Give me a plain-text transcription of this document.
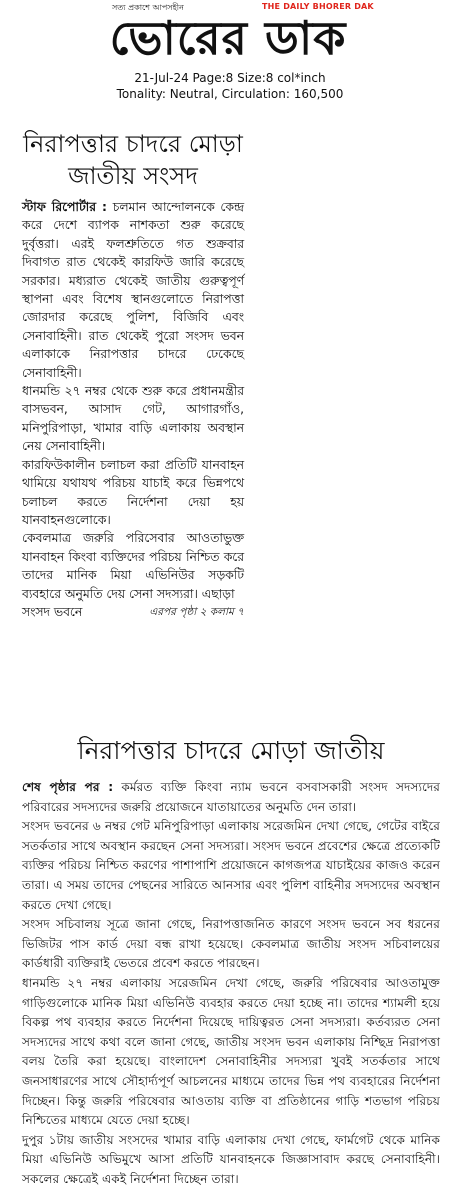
সত্য প্রকাশে আপসহীন	THE DAILY BHORER DAK
ভোরের ডাক
21-Jul-24 Page:8 Size:8 col*inch
Tonality: Neutral, Circulation: 160,500
নিরাপত্তার চাদরে মোড়া জাতীয় সংসদ

স্টাফ রিপোর্টার : চলমান আন্দোলনকে কেন্দ্র করে দেশে ব্যাপক নাশকতা শুরু করেছে দুর্বৃত্তরা। এরই ফলশ্রুতিতে গত শুক্রবার দিবাগত রাত থেকেই কারফিউ জারি করেছে সরকার। মধ্যরাত থেকেই জাতীয় গুরুত্বপূর্ণ স্থাপনা এবং বিশেষ স্থানগুলোতে নিরাপত্তা জোরদার করেছে পুলিশ, বিজিবি এবং সেনাবাহিনী। রাত থেকেই পুরো সংসদ ভবন এলাকাকে নিরাপত্তার চাদরে ঢেকেছে সেনাবাহিনী।

ধানমন্ডি ২৭ নম্বর থেকে শুরু করে প্রধানমন্ত্রীর বাসভবন, আসাদ গেট, আগারগাঁও, মনিপুরিপাড়া, খামার বাড়ি এলাকায় অবস্থান নেয় সেনাবাহিনী।

কারফিউকালীন চলাচল করা প্রতিটি যানবাহন থামিয়ে যথাযথ পরিচয় যাচাই করে ভিন্নপথে চলাচল করতে নির্দেশনা দেয়া হয় যানবাহনগুলোকে।

কেবলমাত্র জরুরি পরিসেবার আওতাভুক্ত যানবাহন কিংবা ব্যক্তিদের পরিচয় নিশ্চিত করে তাদের মানিক মিয়া এভিনিউর সড়কটি ব্যবহারে অনুমতি দেয় সেনা সদস্যরা। এছাড়া

সংসদ ভবনে	এরপর পৃষ্ঠা ২ কলাম ৭
নিরাপত্তার চাদরে মোড়া জাতীয়

শেষ পৃষ্ঠার পর : কর্মরত ব্যক্তি কিংবা ন্যাম ভবনে বসবাসকারী সংসদ সদস্যদের পরিবারের সদস্যদের জরুরি প্রয়োজনে যাতায়াতের অনুমতি দেন তারা।

সংসদ ভবনের ৬ নম্বর গেট মনিপুরিপাড়া এলাকায় সরেজমিন দেখা গেছে, গেটের বাইরে সতর্কতার সাথে অবস্থান করছেন সেনা সদস্যরা। সংসদ ভবনে প্রবেশের ক্ষেত্রে প্রত্যেকটি ব্যক্তির পরিচয় নিশ্চিত করণের পাশাপাশি প্রয়োজনে কাগজপত্র যাচাইয়ের কাজও করেন তারা। এ সময় তাদের পেছনের সারিতে আনসার এবং পুলিশ বাহিনীর সদস্যদের অবস্থান করতে দেখা গেছে।

সংসদ সচিবালয় সূত্রে জানা গেছে, নিরাপত্তাজনিত কারণে সংসদ ভবনে সব ধরনের ভিজিটর পাস কার্ড দেয়া বন্ধ রাখা হয়েছে। কেবলমাত্র জাতীয় সংসদ সচিবালয়ের কার্ডধারী ব্যক্তিরাই ভেতরে প্রবেশ করতে পারছেন।

ধানমন্ডি ২৭ নম্বর এলাকায় সরেজমিন দেখা গেছে, জরুরি পরিষেবার আওতামুক্ত গাড়িগুলোকে মানিক মিয়া এভিনিউ ব্যবহার করতে দেয়া হচ্ছে না। তাদের শ্যামলী হয়ে বিকল্প পথ ব্যবহার করতে নির্দেশনা দিয়েছে দায়িত্বরত সেনা সদস্যরা। কর্তব্যরত সেনা সদস্যদের সাথে কথা বলে জানা গেছে, জাতীয় সংসদ ভবন এলাকায় নিশ্ছিদ্র নিরাপত্তা বলয় তৈরি করা হয়েছে। বাংলাদেশ সেনাবাহিনীর সদস্যরা খুবই সতর্কতার সাথে জনসাধারণের সাথে সৌহার্দ্যপূর্ণ আচলনের মাধ্যমে তাদের ভিন্ন পথ ব্যবহারের নির্দেশনা দিচ্ছেন। কিন্তু জরুরি পরিষেবার আওতায় ব্যক্তি বা প্রতিষ্ঠানের গাড়ি শতভাগ পরিচয় নিশ্চিতের মাধ্যমে যেতে দেয়া হচ্ছে।

দুপুর ১টায় জাতীয় সংসদের খামার বাড়ি এলাকায় দেখা গেছে, ফার্মগেট থেকে মানিক মিয়া এভিনিউ অভিমুখে আসা প্রতিটি যানবাহনকে জিজ্ঞাসাবাদ করছে সেনাবাহিনী। সকলের ক্ষেত্রেই একই নির্দেশনা দিচ্ছেন তারা।
